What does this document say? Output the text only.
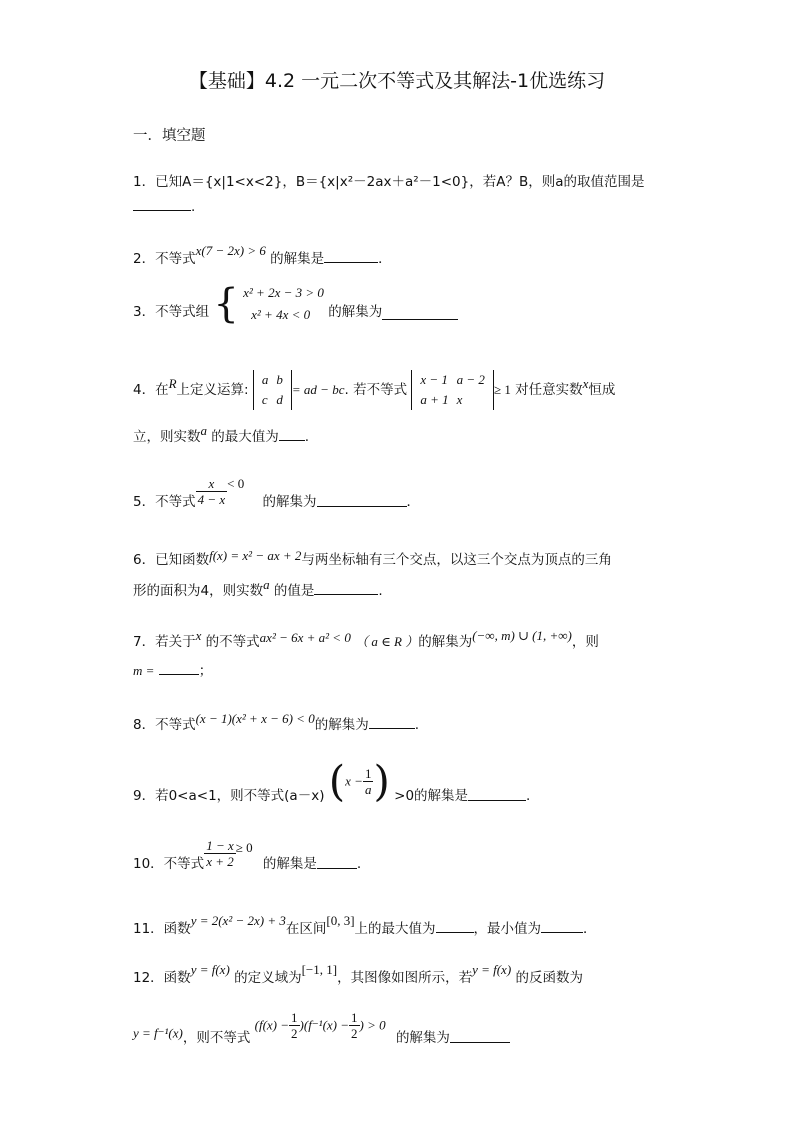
【基础】4.2 一元二次不等式及其解法-1优选练习
一．填空题
1．已知A＝{x|1<x<2}，B＝{x|x²－2ax＋a²－1<0}，若A？B，则a的取值范围是
.
2．不等式x(7 − 2x) > 6 的解集是	．
3．不等式组 { x² + 2x − 3 > 0
x² + 4x < 0	的解集为
4．在R上定义运算:
a	b
c	d
= ad − bc. 若不等式
x − 1	a − 2
a + 1	x
≥ 1 对任意实数x恒成
立，则实数a 的最大值为 .
5．不等式 $\frac{x}{4 - x} < 0$ 的解集为	．
6．已知函数f(x) = x² − ax + 2与两坐标轴有三个交点，以这三个交点为顶点的三角
形的面积为4，则实数a 的值是	.
7．若关于x 的不等式ax² − 6x + a² < 0 （ a ∈ R ）的解集为(−∞, m) ∪ (1, +∞)，则
m =	；
8．不等式(x − 1)(x² + x − 6) < 0的解集为	.
9．若0<a<1，则不等式(a－x) ($x - \frac{1}{a}$ ) >0的解集是	.
10．不等式 $\frac{1 - x}{x + 2} \ge 0$ 的解集是	.
11．函数y = 2(x² − 2x) + 3在区间[0, 3]上的最大值为	，最小值为	．
12．函数y = f(x) 的定义域为[−1, 1]，其图像如图所示，若y = f(x) 的反函数为
y = f⁻¹(x)，则不等式 $(f(x) - \frac{1}{2} )(f^{-1}(x) - \frac{1}{2}$ ) > 0 的解集为
